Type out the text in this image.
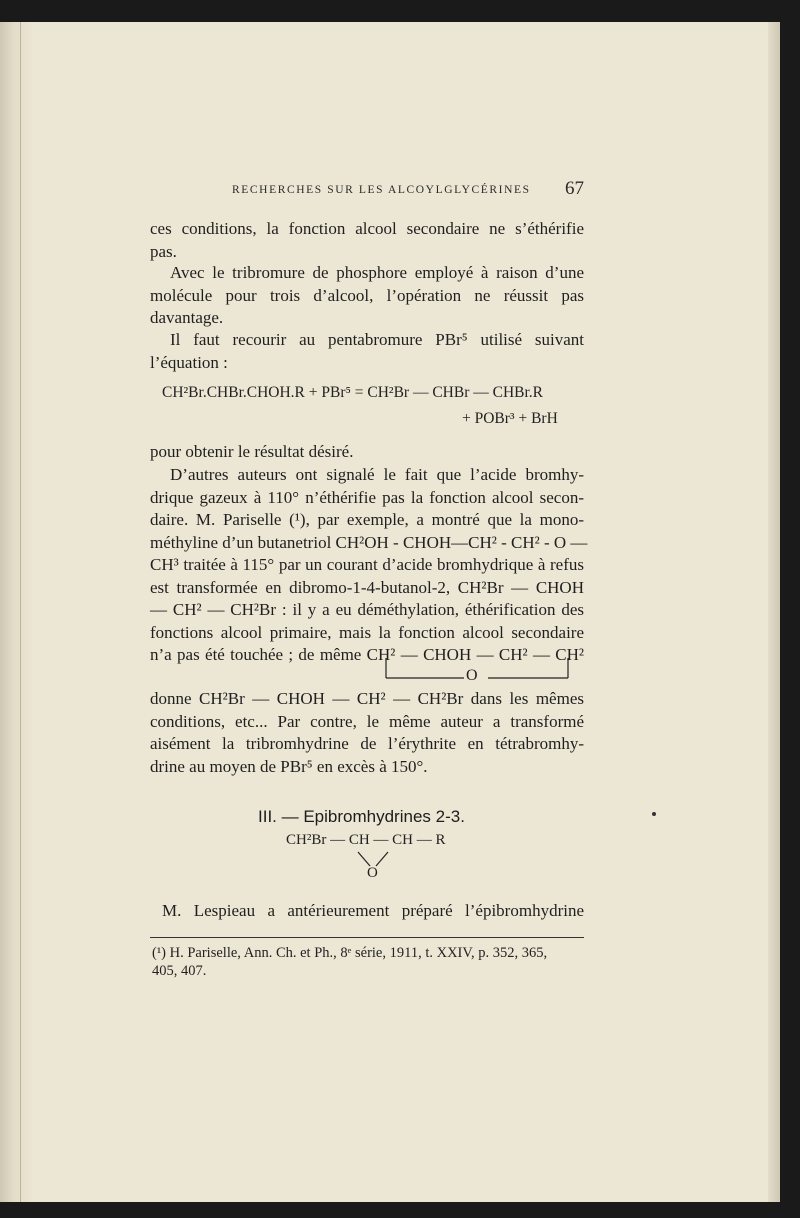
RECHERCHES SUR LES ALCOYLGLYCÉRINES 67
ces conditions, la fonction alcool secondaire ne s’éthérifie
pas.
Avec le tribromure de phosphore employé à raison d’une
molécule pour trois d’alcool, l’opération ne réussit pas
davantage.
Il faut recourir au pentabromure PBr⁵ utilisé suivant
l’équation :
CH²Br.CHBr.CHOH.R + PBr⁵ = CH²Br — CHBr — CHBr.R
+ POBr³ + BrH
pour obtenir le résultat désiré.
D’autres auteurs ont signalé le fait que l’acide bromhy-
drique gazeux à 110° n’éthérifie pas la fonction alcool secon-
daire. M. Pariselle (¹), par exemple, a montré que la mono-
méthyline d’un butanetriol CH²OH - CHOH—CH² - CH² - O —
CH³ traitée à 115° par un courant d’acide bromhydrique à refus
est transformée en dibromo-1-4-butanol-2, CH²Br — CHOH
— CH² — CH²Br : il y a eu déméthylation, éthérification des
fonctions alcool primaire, mais la fonction alcool secondaire
n’a pas été touchée ; de même CH² — CHOH — CH² — CH²
O
donne CH²Br — CHOH — CH² — CH²Br dans les mêmes
conditions, etc... Par contre, le même auteur a transformé
aisément la tribromhydrine de l’érythrite en tétrabromhy-
drine au moyen de PBr⁵ en excès à 150°.
III. — Epibromhydrines 2-3.
CH²Br — CH — CH — R
O
M. Lespieau a antérieurement préparé l’épibromhydrine
(¹) H. Pariselle, Ann. Ch. et Ph., 8ᵉ série, 1911, t. XXIV, p. 352, 365,
405, 407.
